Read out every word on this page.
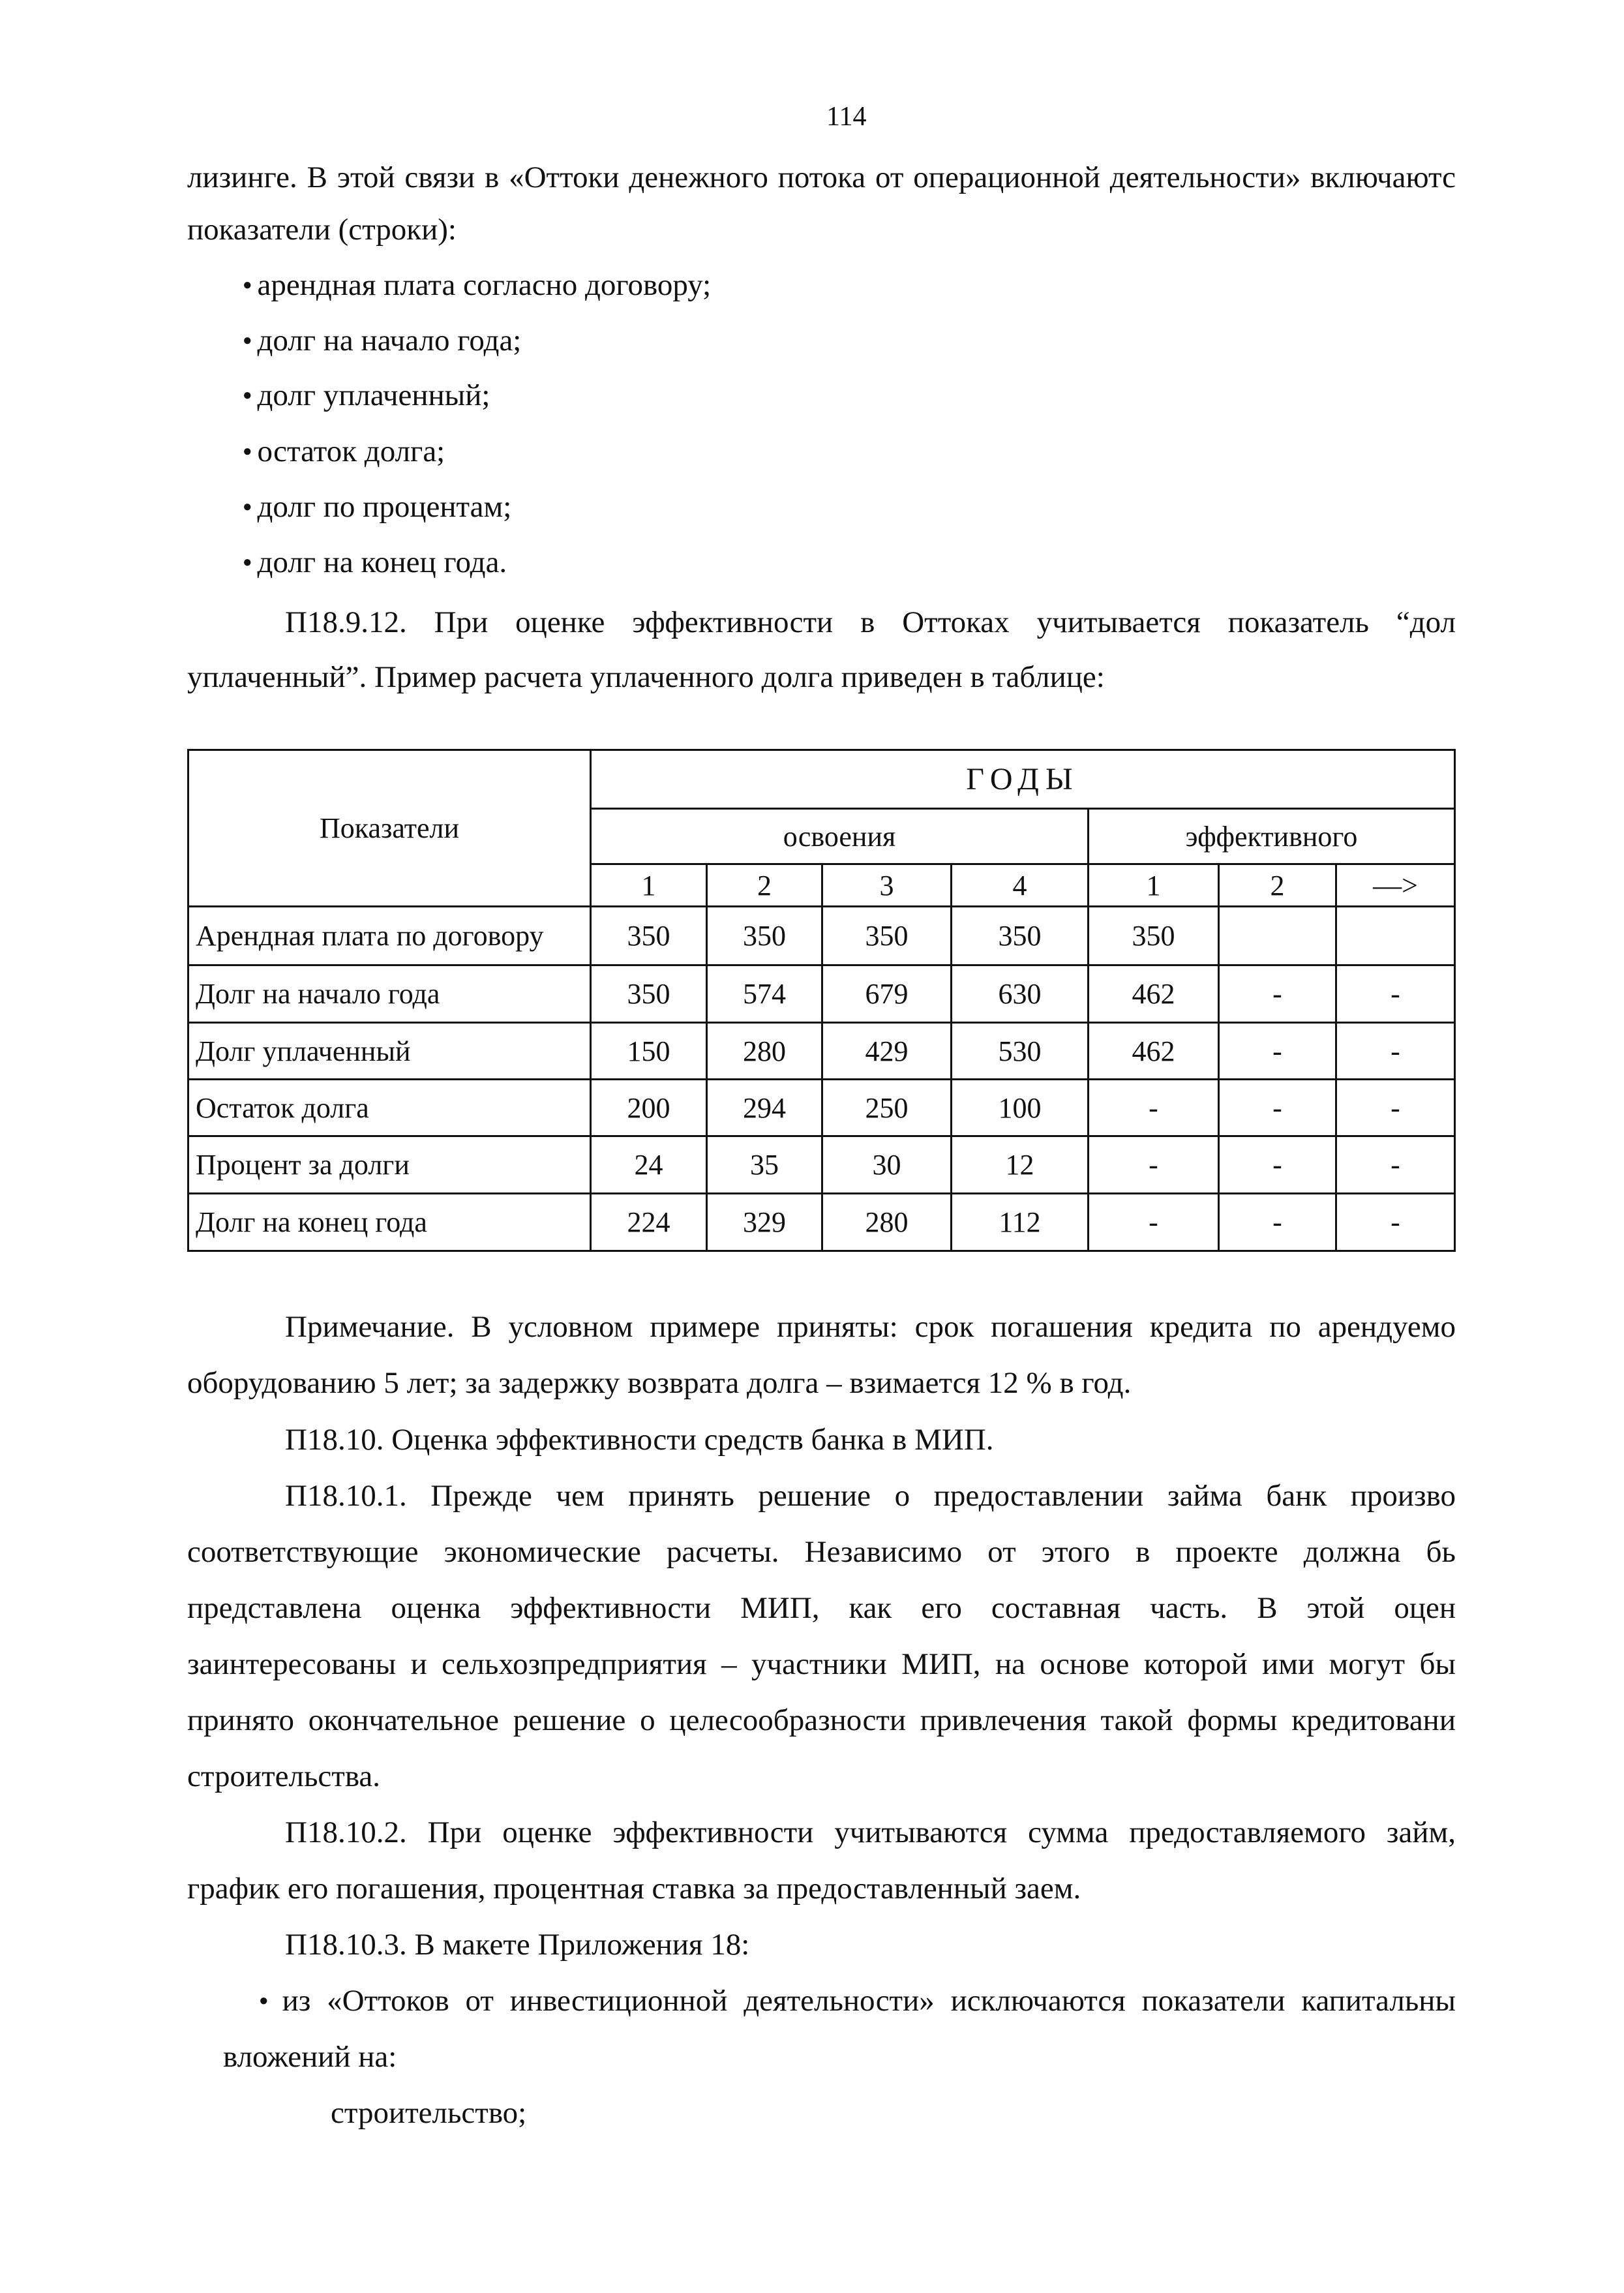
114
лизинге. В этой связи в «Оттоки денежного потока от операционной деятельности» включаютс
показатели (строки):
● арендная плата согласно договору;
● долг на начало года;
● долг уплаченный;
● остаток долга;
● долг по процентам;
● долг на конец года.
П18.9.12. При оценке эффективности в Оттоках учитывается показатель “дол
уплаченный”. Пример расчета уплаченного долга приведен в таблице:
Показатели
ГОДЫ
освоения	эффективного
1	2	3	4	1	2	—>
Арендная плата по договору	350	350	350	350	350
Долг на начало года	350	574	679	630	462	-	-
Долг уплаченный	150	280	429	530	462	-	-
Остаток долга	200	294	250	100	-	-	-
Процент за долги	24	35	30	12	-	-	-
Долг на конец года	224	329	280	112	-	-	-
Примечание. В условном примере приняты: срок погашения кредита по арендуемо
оборудованию 5 лет; за задержку возврата долга – взимается 12 % в год.
П18.10. Оценка эффективности средств банка в МИП.
П18.10.1. Прежде чем принять решение о предоставлении займа банк произво
соответствующие экономические расчеты. Независимо от этого в проекте должна бь
представлена оценка эффективности МИП, как его составная часть. В этой оцен
заинтересованы и сельхозпредприятия – участники МИП, на основе которой ими могут бы
принято окончательное решение о целесообразности привлечения такой формы кредитовани
строительства.
П18.10.2. При оценке эффективности учитываются сумма предоставляемого займ,
график его погашения, процентная ставка за предоставленный заем.
П18.10.3. В макете Приложения 18:
● из «Оттоков от инвестиционной деятельности» исключаются показатели капитальны
вложений на:
строительство;
